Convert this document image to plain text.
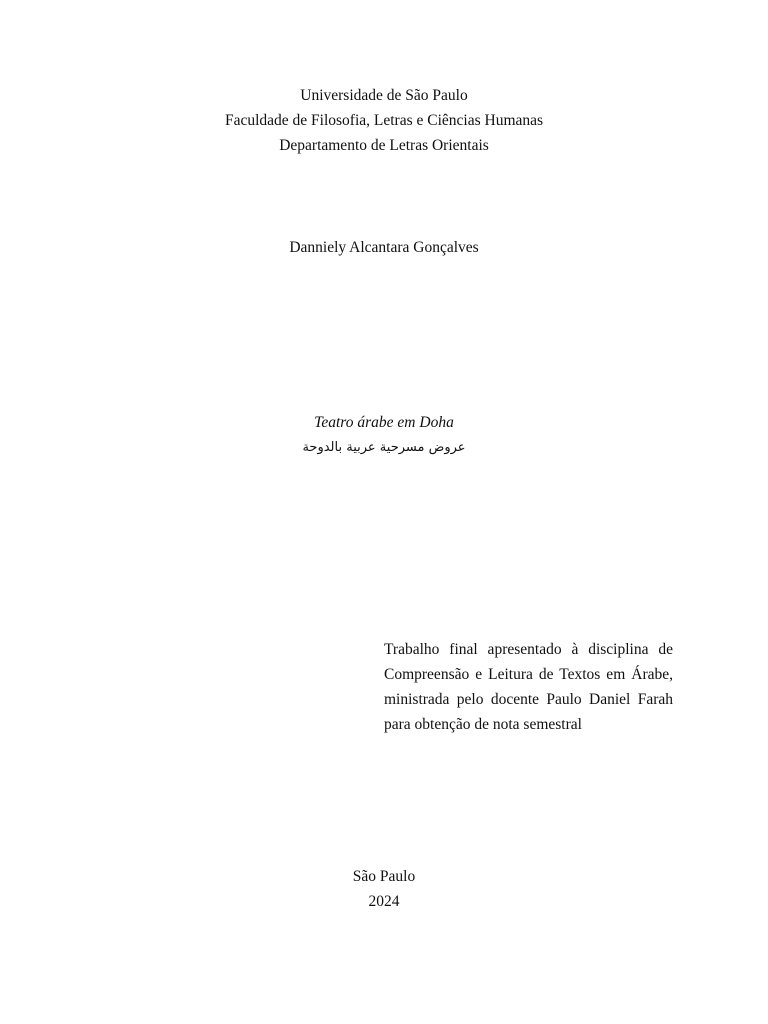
Universidade de São Paulo
Faculdade de Filosofia, Letras e Ciências Humanas
Departamento de Letras Orientais
Danniely Alcantara Gonçalves
Teatro árabe em Doha
عروض مسرحية عربية بالدوحة
Trabalho final apresentado à disciplina de Compreensão e Leitura de Textos em Árabe, ministrada pelo docente Paulo Daniel Farah para obtenção de nota semestral
São Paulo
2024
